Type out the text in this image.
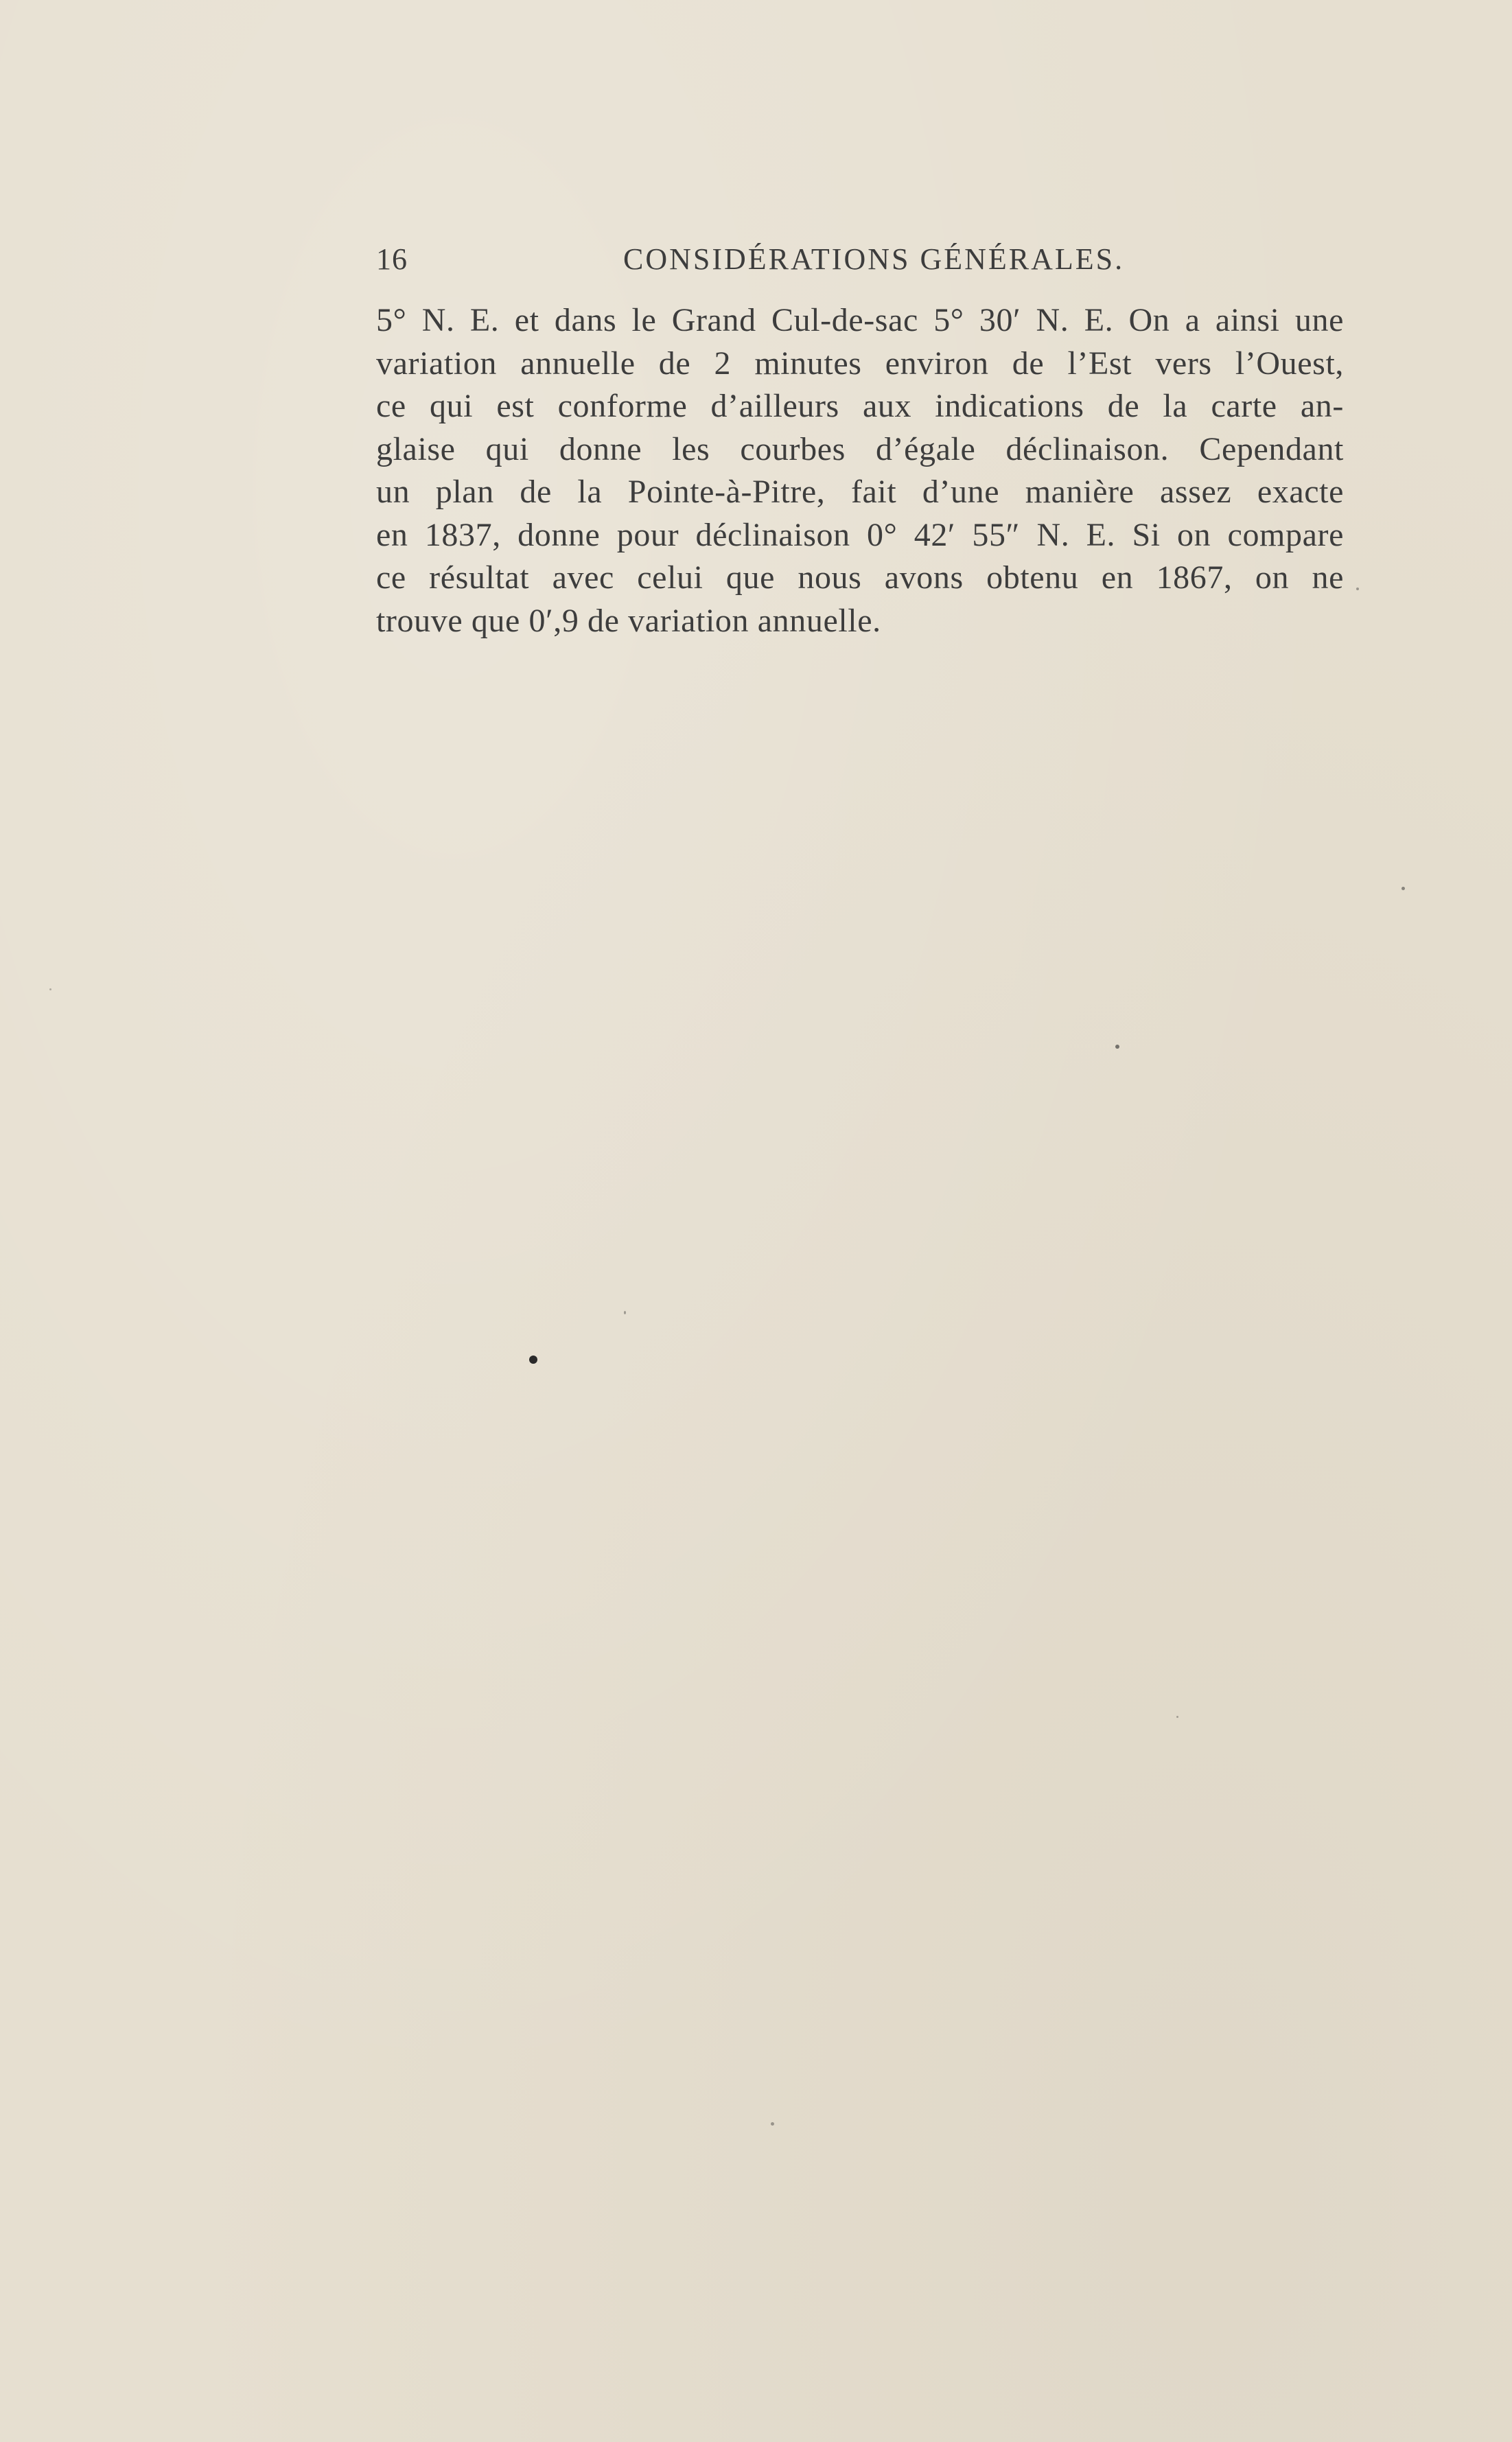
16	CONSIDÉRATIONS GÉNÉRALES.

5° N. E. et dans le Grand Cul-de-sac 5° 30′ N. E. On a ainsi une
variation annuelle de 2 minutes environ de l’Est vers l’Ouest,
ce qui est conforme d’ailleurs aux indications de la carte an-
glaise qui donne les courbes d’égale déclinaison. Cependant
un plan de la Pointe-à-Pitre, fait d’une manière assez exacte
en 1837, donne pour déclinaison 0° 42′ 55″ N. E. Si on compare
ce résultat avec celui que nous avons obtenu en 1867, on ne
trouve que 0′,9 de variation annuelle.
